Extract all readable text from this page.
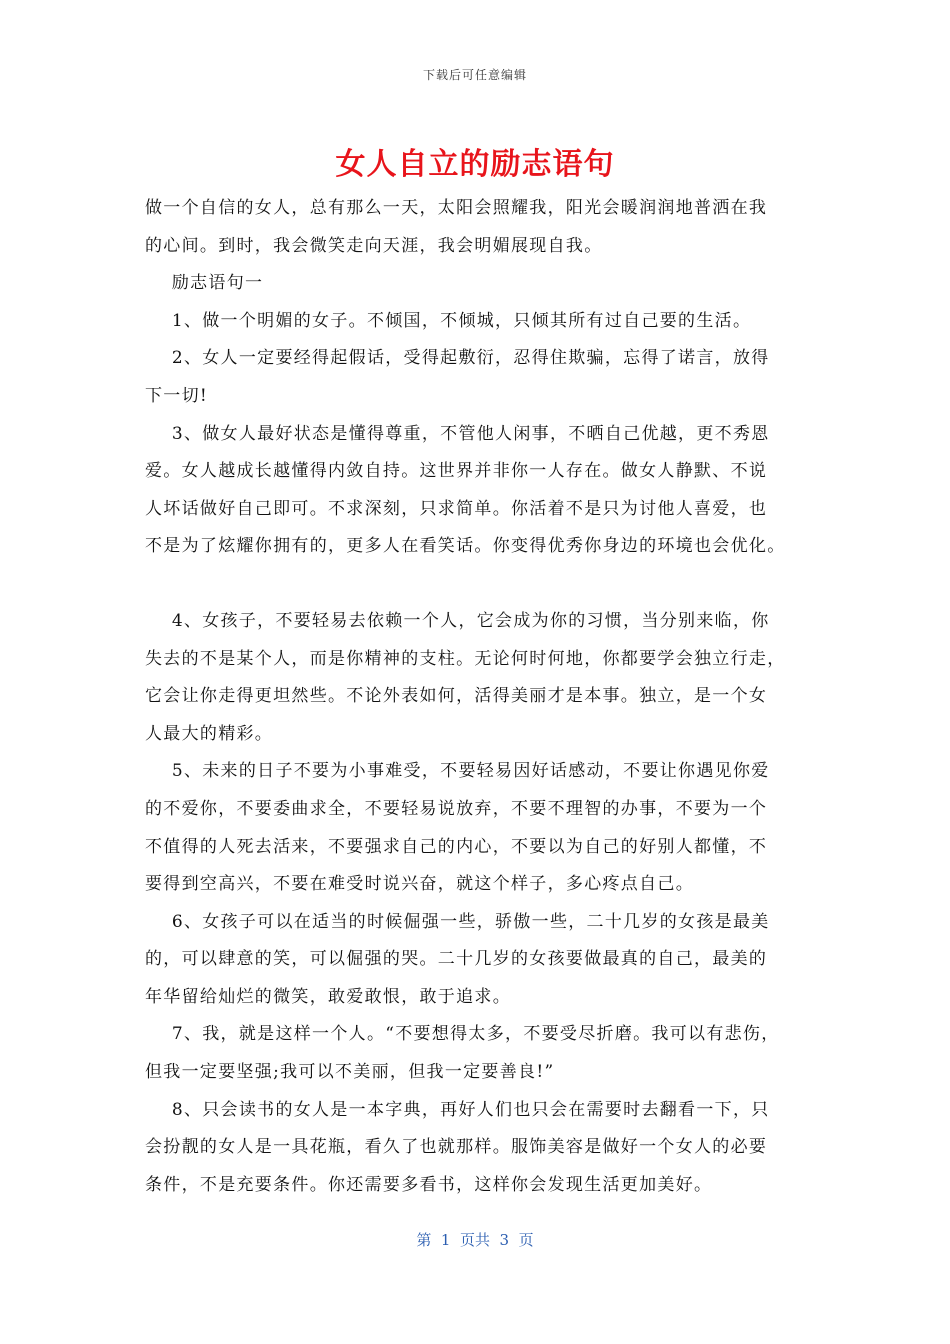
下载后可任意编辑
女人自立的励志语句

做一个自信的女人，总有那么一天，太阳会照耀我，阳光会暖润润地普洒在我
的心间。到时，我会微笑走向天涯，我会明媚展现自我。

励志语句一

1、做一个明媚的女子。不倾国，不倾城，只倾其所有过自己要的生活。

2、女人一定要经得起假话，受得起敷衍，忍得住欺骗，忘得了诺言，放得
下一切!

3、做女人最好状态是懂得尊重，不管他人闲事，不晒自己优越，更不秀恩
爱。女人越成长越懂得内敛自持。这世界并非你一人存在。做女人静默、不说
人坏话做好自己即可。不求深刻，只求简单。你活着不是只为讨他人喜爱，也
不是为了炫耀你拥有的，更多人在看笑话。你变得优秀你身边的环境也会优化。

4、女孩子，不要轻易去依赖一个人，它会成为你的习惯，当分别来临，你
失去的不是某个人，而是你精神的支柱。无论何时何地，你都要学会独立行走，
它会让你走得更坦然些。不论外表如何，活得美丽才是本事。独立，是一个女
人最大的精彩。

5、未来的日子不要为小事难受，不要轻易因好话感动，不要让你遇见你爱
的不爱你，不要委曲求全，不要轻易说放弃，不要不理智的办事，不要为一个
不值得的人死去活来，不要强求自己的内心，不要以为自己的好别人都懂，不
要得到空高兴，不要在难受时说兴奋，就这个样子，多心疼点自己。

6、女孩子可以在适当的时候倔强一些，骄傲一些，二十几岁的女孩是最美
的，可以肆意的笑，可以倔强的哭。二十几岁的女孩要做最真的自己，最美的
年华留给灿烂的微笑，敢爱敢恨，敢于追求。

7、我，就是这样一个人。“不要想得太多，不要受尽折磨。我可以有悲伤，
但我一定要坚强;我可以不美丽，但我一定要善良!”

8、只会读书的女人是一本字典，再好人们也只会在需要时去翻看一下，只
会扮靓的女人是一具花瓶，看久了也就那样。服饰美容是做好一个女人的必要
条件，不是充要条件。你还需要多看书，这样你会发现生活更加美好。

第  1  页共  3  页
